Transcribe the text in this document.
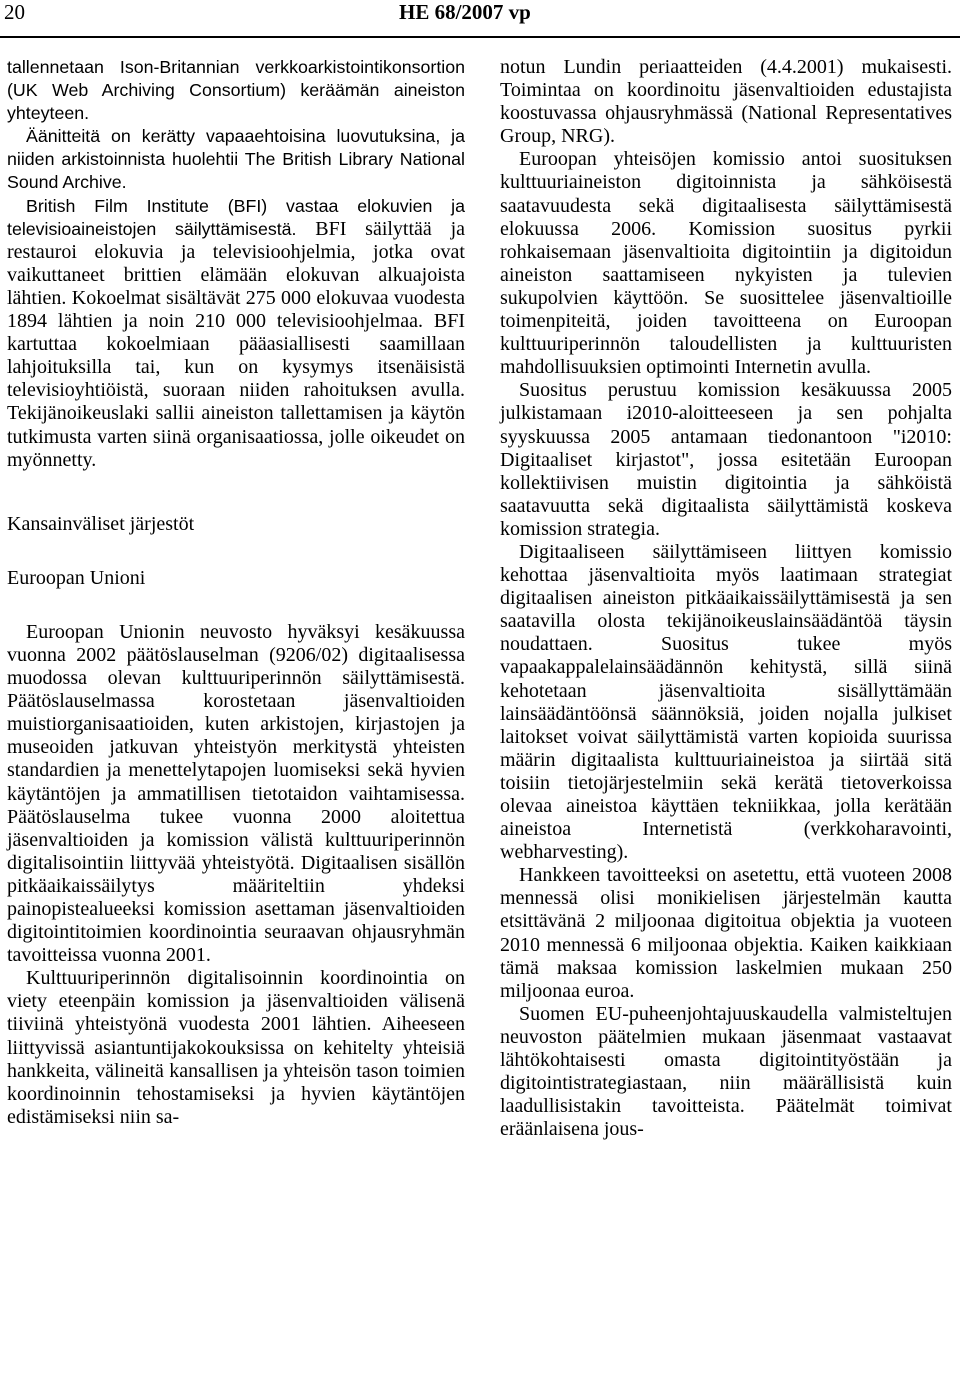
20	HE 68/2007 vp

tallennetaan Ison-Britannian verkkoarkistointikonsortion (UK Web Archiving Consortium) keräämän aineiston yhteyteen.

Äänitteitä on kerätty vapaaehtoisina luovutuksina, ja niiden arkistoinnista huolehtii The British Library National Sound Archive.

British Film Institute (BFI) vastaa elokuvien ja televisioaineistojen säilyttämisestä. BFI säilyttää ja restauroi elokuvia ja televisioohjelmia, jotka ovat vaikuttaneet brittien elämään elokuvan alkuajoista lähtien. Kokoelmat sisältävät 275 000 elokuvaa vuodesta 1894 lähtien ja noin 210 000 televisioohjelmaa. BFI kartuttaa kokoelmiaan pääasiallisesti saamillaan lahjoituksilla tai, kun on kysymys itsenäisistä televisioyhtiöistä, suoraan niiden rahoituksen avulla. Tekijänoikeuslaki sallii aineiston tallettamisen ja käytön tutkimusta varten siinä organisaatiossa, jolle oikeudet on myönnetty.

Kansainväliset järjestöt

Euroopan Unioni

Euroopan Unionin neuvosto hyväksyi kesäkuussa vuonna 2002 päätöslauselman (9206/02) digitaalisessa muodossa olevan kulttuuriperinnön säilyttämisestä. Päätöslauselmassa korostetaan jäsenvaltioiden muistiorganisaatioiden, kuten arkistojen, kirjastojen ja museoiden jatkuvan yhteistyön merkitystä yhteisten standardien ja menettelytapojen luomiseksi sekä hyvien käytäntöjen ja ammatillisen tietotaidon vaihtamisessa. Päätöslauselma tukee vuonna 2000 aloitettua jäsenvaltioiden ja komission välistä kulttuuriperinnön digitalisointiin liittyvää yhteistyötä. Digitaalisen sisällön pitkäaikaissäilytys määriteltiin yhdeksi painopistealueeksi komission asettaman jäsenvaltioiden digitointitoimien koordinointia seuraavan ohjausryhmän tavoitteissa vuonna 2001.

Kulttuuriperinnön digitalisoinnin koordinointia on viety eteenpäin komission ja jäsenvaltioiden välisenä tiiviinä yhteistyönä vuodesta 2001 lähtien. Aiheeseen liittyvissä asiantuntijakokouksissa on kehitelty yhteisiä hankkeita, välineitä kansallisen ja yhteisön tason toimien koordinoinnin tehostamiseksi ja hyvien käytäntöjen edistämiseksi niin sa-

notun Lundin periaatteiden (4.4.2001) mukaisesti. Toimintaa on koordinoitu jäsenvaltioiden edustajista koostuvassa ohjausryhmässä (National Representatives Group, NRG).

Euroopan yhteisöjen komissio antoi suosituksen kulttuuriaineiston digitoinnista ja sähköisestä saatavuudesta sekä digitaalisesta säilyttämisestä elokuussa 2006. Komission suositus pyrkii rohkaisemaan jäsenvaltioita digitointiin ja digitoidun aineiston saattamiseen nykyisten ja tulevien sukupolvien käyttöön. Se suosittelee jäsenvaltioille toimenpiteitä, joiden tavoitteena on Euroopan kulttuuriperinnön taloudellisten ja kulttuuristen mahdollisuuksien optimointi Internetin avulla.

Suositus perustuu komission kesäkuussa 2005 julkistamaan i2010-aloitteeseen ja sen pohjalta syyskuussa 2005 antamaan tiedonantoon "i2010: Digitaaliset kirjastot", jossa esitetään Euroopan kollektiivisen muistin digitointia ja sähköistä saatavuutta sekä digitaalista säilyttämistä koskeva komission strategia.

Digitaaliseen säilyttämiseen liittyen komissio kehottaa jäsenvaltioita myös laatimaan strategiat digitaalisen aineiston pitkäaikaissäilyttämisestä ja sen saatavilla olosta tekijänoikeuslainsäädäntöä täysin noudattaen. Suositus tukee myös vapaakappalelainsäädännön kehitystä, sillä siinä kehotetaan jäsenvaltioita sisällyttämään lainsäädäntöönsä säännöksiä, joiden nojalla julkiset laitokset voivat säilyttämistä varten kopioida suurissa määrin digitaalista kulttuuriaineistoa ja siirtää sitä toisiin tietojärjestelmiin sekä kerätä tietoverkoissa olevaa aineistoa käyttäen tekniikkaa, jolla kerätään aineistoa Internetistä (verkkoharavointi, webharvesting).

Hankkeen tavoitteeksi on asetettu, että vuoteen 2008 mennessä olisi monikielisen järjestelmän kautta etsittävänä 2 miljoonaa digitoitua objektia ja vuoteen 2010 mennessä 6 miljoonaa objektia. Kaiken kaikkiaan tämä maksaa komission laskelmien mukaan 250 miljoonaa euroa.

Suomen EU-puheenjohtajuuskaudella valmisteltujen neuvoston päätelmien mukaan jäsenmaat vastaavat lähtökohtaisesti omasta digitointityöstään ja digitointistrategiastaan, niin määrällisistä kuin laadullisistakin tavoitteista. Päätelmät toimivat eräänlaisena jous-
